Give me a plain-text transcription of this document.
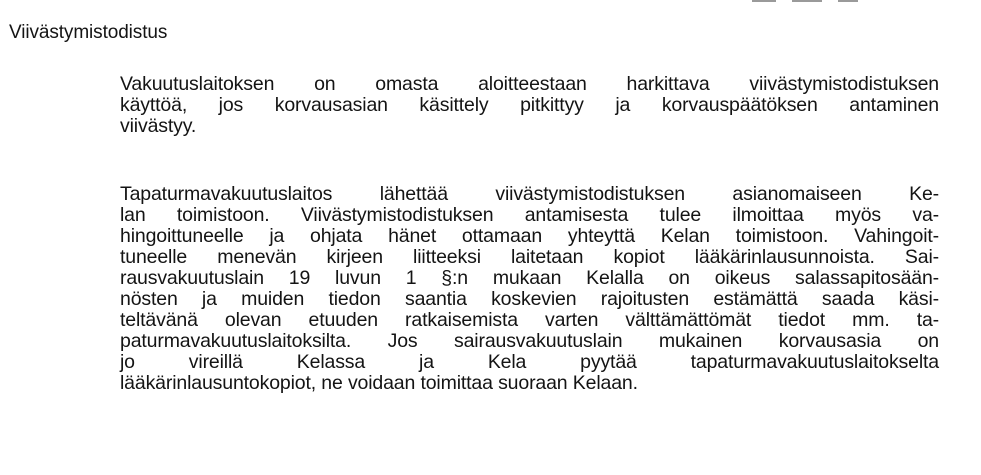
Viivästymistodistus
Vakuutuslaitoksen on omasta aloitteestaan harkittava viivästymistodistuksen
käyttöä, jos korvausasian käsittely pitkittyy ja korvauspäätöksen antaminen
viivästyy.
Tapaturmavakuutuslaitos lähettää viivästymistodistuksen asianomaiseen Ke-
lan toimistoon. Viivästymistodistuksen antamisesta tulee ilmoittaa myös va-
hingoittuneelle ja ohjata hänet ottamaan yhteyttä Kelan toimistoon. Vahingoit-
tuneelle menevän kirjeen liitteeksi laitetaan kopiot lääkärinlausunnoista. Sai-
rausvakuutuslain 19 luvun 1 §:n mukaan Kelalla on oikeus salassapitosään-
nösten ja muiden tiedon saantia koskevien rajoitusten estämättä saada käsi-
teltävänä olevan etuuden ratkaisemista varten välttämättömät tiedot mm. ta-
paturmavakuutuslaitoksilta. Jos sairausvakuutuslain mukainen korvausasia on
jo vireillä Kelassa ja Kela pyytää tapaturmavakuutuslaitokselta
lääkärinlausuntokopiot, ne voidaan toimittaa suoraan Kelaan.
